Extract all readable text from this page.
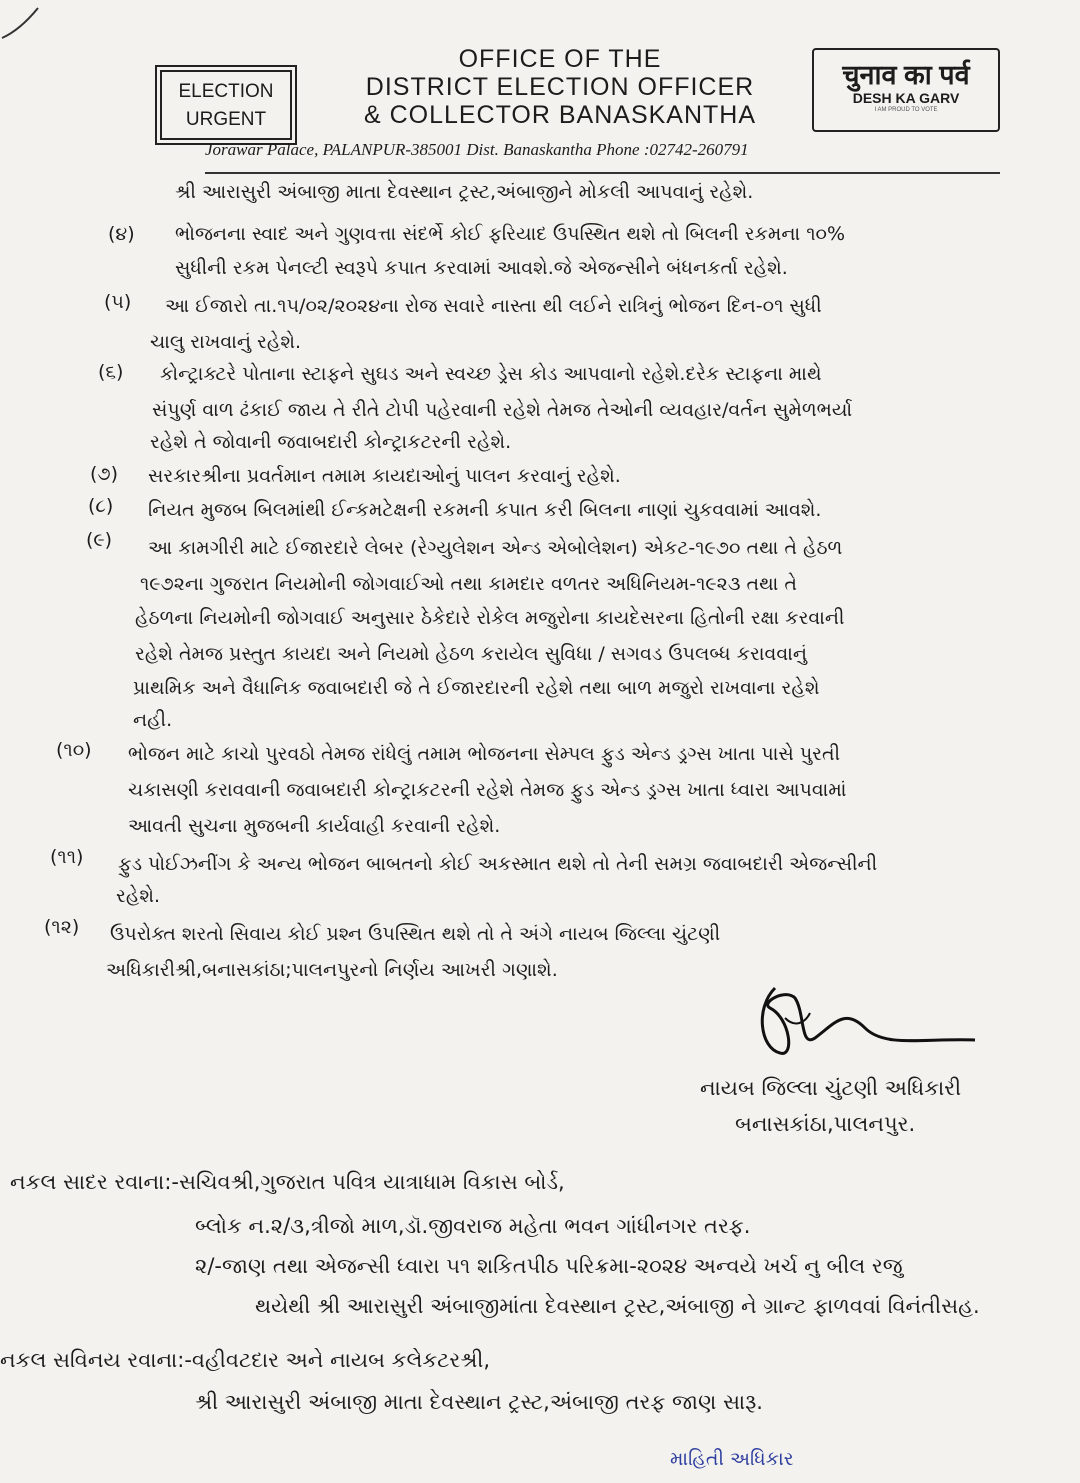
ELECTION
URGENT
OFFICE OF THE
DISTRICT ELECTION OFFICER
& COLLECTOR BANASKANTHA
चुनाव का पर्व
DESH KA GARV
I AM PROUD TO VOTE
Jorawar Palace, PALANPUR-385001 Dist. Banaskantha Phone :02742-260791
શ્રી આરાસુરી અંબાજી માતા દેવસ્થાન ટ્રસ્ટ,અંબાજીને મોકલી આપવાનું રહેશે.
(૪) ભોજનના સ્વાદ અને ગુણવત્તા સંદર્ભે કોઈ ફરિયાદ ઉપસ્થિત થશે તો બિલની રકમના ૧૦%
સુધીની રકમ પેનલ્ટી સ્વરૂપે કપાત કરવામાં આવશે.જે એજન્સીને બંધનકર્તા રહેશે.
(૫) આ ઈજારો તા.૧૫/૦૨/૨૦૨૪ના રોજ સવારે નાસ્તા થી લઈને રાત્રિનું ભોજન દિન-૦૧ સુધી
ચાલુ રાખવાનું રહેશે.
(૬) કોન્ટ્રાક્ટરે પોતાના સ્ટાફને સુઘડ અને સ્વચ્છ ડ્રેસ કોડ આપવાનો રહેશે.દરેક સ્ટાફના માથે
સંપુર્ણ વાળ ઢંકાઈ જાય તે રીતે ટોપી પહેરવાની રહેશે તેમજ તેઓની વ્યવહાર/વર્તન સુમેળભર્યા
રહેશે તે જોવાની જવાબદારી કોન્ટ્રાકટરની રહેશે.
(૭) સરકારશ્રીના પ્રવર્તમાન તમામ કાયદાઓનું પાલન કરવાનું રહેશે.
(૮) નિયત મુજબ બિલમાંથી ઈન્કમટેક્ષની રકમની કપાત કરી બિલના નાણાં ચુકવવામાં આવશે.
(૯) આ કામગીરી માટે ઈજારદારે લેબર (રેગ્યુલેશન એન્ડ એબોલેશન) એકટ-૧૯૭૦ તથા તે હેઠળ
૧૯૭૨ના ગુજરાત નિયમોની જોગવાઈઓ તથા કામદાર વળતર અધિનિયમ-૧૯૨૩ તથા તે
હેઠળના નિયમોની જોગવાઈ અનુસાર ઠેકેદારે રોકેલ મજુરોના કાયદેસરના હિતોની રક્ષા કરવાની
રહેશે તેમજ પ્રસ્તુત કાયદા અને નિયમો હેઠળ કરાયેલ સુવિધા / સગવડ ઉપલબ્ધ કરાવવાનું
પ્રાથમિક અને વૈધાનિક જવાબદારી જે તે ઈજારદારની રહેશે તથા બાળ મજુરો રાખવાના રહેશે
નહી.
(૧૦) ભોજન માટે કાચો પુરવઠો તેમજ રાંધેલું તમામ ભોજનના સેમ્પલ ફુડ એન્ડ ડ્રગ્સ ખાતા પાસે પુરતી
ચકાસણી કરાવવાની જવાબદારી કોન્ટ્રાકટરની રહેશે તેમજ ફુડ એન્ડ ડ્રગ્સ ખાતા ધ્વારા આપવામાં
આવતી સુચના મુજબની કાર્યવાહી કરવાની રહેશે.
(૧૧) ફુડ પોઈઝનીંગ કે અન્ય ભોજન બાબતનો કોઈ અકસ્માત થશે તો તેની સમગ્ર જવાબદારી એજન્સીની
રહેશે.
(૧૨) ઉપરોક્ત શરતો સિવાય કોઈ પ્રશ્ન ઉપસ્થિત થશે તો તે અંગે નાયબ જિલ્લા ચુંટણી
અધિકારીશ્રી,બનાસકાંઠા;પાલનપુરનો નિર્ણય આખરી ગણાશે.
નાયબ જિલ્લા ચુંટણી અધિકારી
બનાસકાંઠા,પાલનપુર.
નકલ સાદર રવાના:-સચિવશ્રી,ગુજરાત પવિત્ર યાત્રાધામ વિકાસ બોર્ડ,
બ્લોક ન.૨/૩,ત્રીજો માળ,ડૉ.જીવરાજ મહેતા ભવન ગાંધીનગર તરફ.
૨/-જાણ તથા એજન્સી ધ્વારા ૫૧ શકિતપીઠ પરિક્રમા-૨૦૨૪ અન્વયે ખર્ચ નુ બીલ રજુ
થયેથી શ્રી આરાસુરી અંબાજીમાંતા દેવસ્થાન ટ્રસ્ટ,અંબાજી ને ગ્રાન્ટ ફાળવવાં વિનંતીસહ.
નકલ સવિનય રવાના:-વહીવટદાર અને નાયબ કલેકટરશ્રી,
શ્રી આરાસુરી અંબાજી માતા દેવસ્થાન ટ્રસ્ટ,અંબાજી તરફ જાણ સારૂ.
માહિતી અધિકાર
